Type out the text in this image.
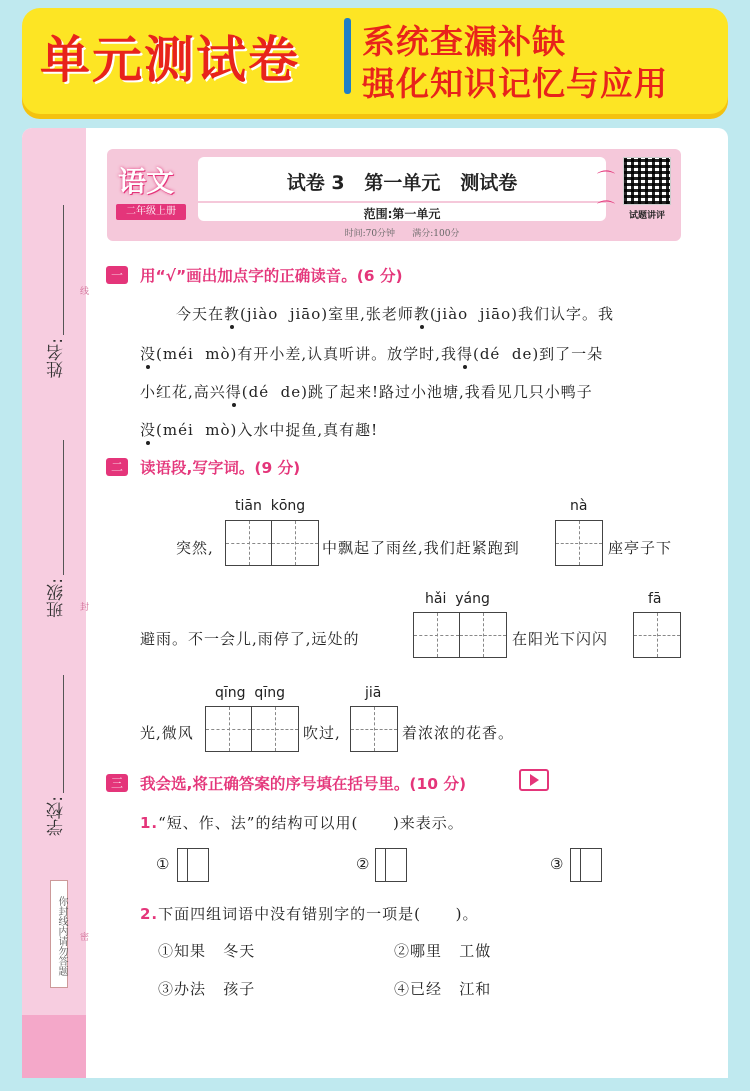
单元测试卷 系统查漏补缺
强化知识记忆与应用
姓名:
班级:
学校:
线
封
密
你封线内请勿答题
语文
二年级上册
试卷 3   第一单元   测试卷
范围:第一单元
时间:70分钟      满分:100分
⌒
⌒	试题讲评
一	用“√”画出加点字的正确读音。(6 分)
今天在教(jiào  jiāo)室里,张老师教(jiào  jiāo)我们认字。我
没(méi  mò)有开小差,认真听讲。放学时,我得(dé  de)到了一朵
小红花,高兴得(dé  de)跳了起来!路过小池塘,我看见几只小鸭子
没(méi  mò)入水中捉鱼,真有趣!
二	读语段,写字词。(9 分)
tiān  kōng	nà
突然,	中飘起了雨丝,我们赶紧跑到	座亭子下
hǎi  yáng	fā
避雨。不一会儿,雨停了,远处的	在阳光下闪闪
qīng  qīng	jiā
光,微风	吹过,	着浓浓的花香。
三	我会选,将正确答案的序号填在括号里。(10 分)
1.“短、作、法”的结构可以用(      )来表示。
①	②	③
2.下面四组词语中没有错别字的一项是(      )。
①知果   冬天	②哪里   工做
③办法   孩子	④已经   江和
